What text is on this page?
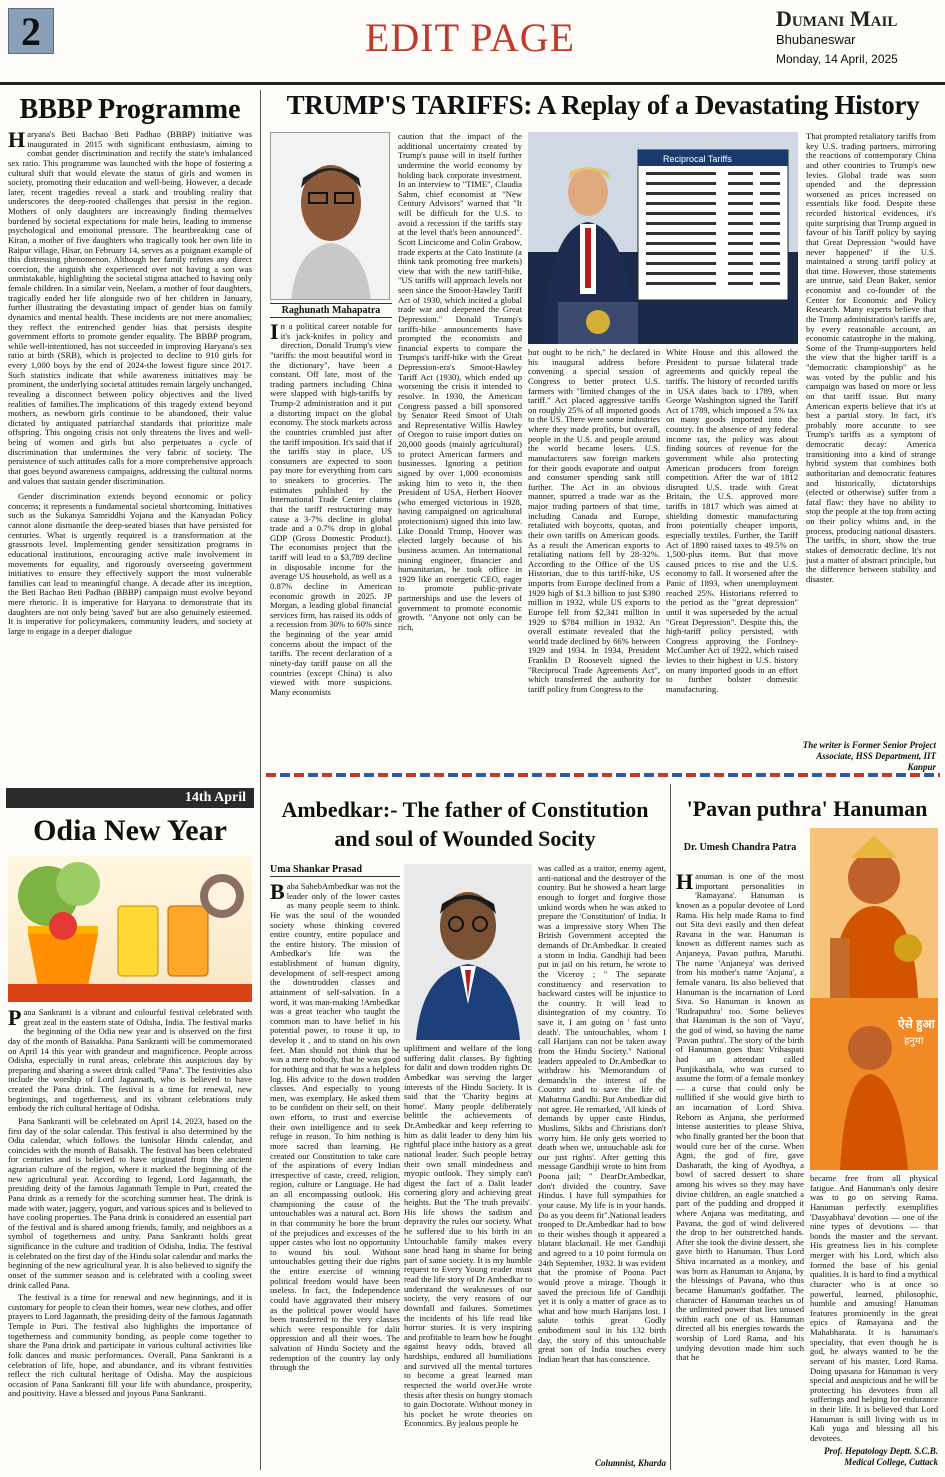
2	EDIT PAGE	Dumani Mail
Bhubaneswar
Monday, 14 April, 2025
BBBP Programme

Haryana's Beti Bachao Beti Padhao (BBBP) initiative was inaugurated in 2015 with significant enthusiasm, aiming to combat gender discrimination and rectify the state's imbalanced sex ratio. This programme was launched with the hope of fostering a cultural shift that would elevate the status of girls and women in society, promoting their education and well-being. However, a decade later, recent tragedies reveal a stark and troubling reality that underscores the deep-rooted challenges that persist in the region. Mothers of only daughters are increasingly finding themselves burdened by societal expectations for male heirs, leading to immense psychological and emotional pressure. The heartbreaking case of Kiran, a mother of five daughters who tragically took her own life in Raipur village, Hisar, on February 14, serves as a poignant example of this distressing phenomenon. Although her family refutes any direct coercion, the anguish she experienced over not having a son was unmistakable, highlighting the societal stigma attached to having only female children. In a similar vein, Neelam, a mother of four daughters, tragically ended her life alongside two of her children in January, further illustrating the devastating impact of gender bias on family dynamics and mental health. These incidents are not mere anomalies; they reflect the entrenched gender bias that persists despite government efforts to promote gender equality. The BBBP program, while well-intentioned, has not succeeded in improving Haryana's sex ratio at birth (SRB), which is projected to decline to 910 girls for every 1,000 boys by the end of 2024-the lowest figure since 2017. Such statistics indicate that while awareness initiatives may be prominent, the underlying societal attitudes remain largely unchanged, revealing a disconnect between policy objectives and the lived realities of families.The implications of this tragedy extend beyond mothers, as newborn girls continue to be abandoned, their value dictated by antiquated patriarchal standards that prioritize male offspring. This ongoing crisis not only threatens the lives and well-being of women and girls but also perpetuates a cycle of discrimination that undermines the very fabric of society. The persistence of such attitudes calls for a more comprehensive approach that goes beyond awareness campaigns, addressing the cultural norms and values that sustain gender discrimination.

Gender discrimination extends beyond economic or policy concerns; it represents a fundamental societal shortcoming. Initiatives such as the Sukanya Samriddhi Yojana and the Kanyadan Policy cannot alone dismantle the deep-seated biases that have persisted for centuries. What is urgently required is a transformation at the grassroots level. Implementing gender sensitization programs in educational institutions, encouraging active male involvement in movements for equality, and rigorously overseeing government initiatives to ensure they effectively support the most vulnerable families can lead to meaningful change. A decade after its inception, the Beti Bachao Beti Padhao (BBBP) campaign must evolve beyond mere rhetoric. It is imperative for Haryana to demonstrate that its daughters are not only being 'saved' but are also genuinely esteemed. It is imperative for policymakers, community leaders, and society at large to engage in a deeper dialogue

14th April
Odia New Year

Pana Sankranti is a vibrant and colourful festival celebrated with great zeal in the eastern state of Odisha, India. The festival marks the beginning of the Odia new year and is observed on the first day of the month of Baisakha. Pana Sankranti will be commemorated on April 14 this year with grandeur and magnificence. People across Odisha, especially in rural areas, celebrate this auspicious day by preparing and sharing a sweet drink called "Pana". The festivities also include the worship of Lord Jagannath, who is believed to have created the Pana drink. The festival is a time for renewal, new beginnings, and togetherness, and its vibrant celebrations truly embody the rich cultural heritage of Odisha.

Pana Sankranti will be celebrated on April 14, 2023, based on the first day of the solar calendar. This festival is also determined by the Odia calendar, which follows the lunisolar Hindu calendar, and coincides with the month of Baisakh. The festival has been celebrated for centuries and is believed to have originated from the ancient agrarian culture of the region, where it marked the beginning of the new agricultural year. According to legend, Lord Jagannath, the presiding deity of the famous Jagannath Temple in Puri, created the Pana drink as a remedy for the scorching summer heat. The drink is made with water, jaggery, yogurt, and various spices and is believed to have cooling properties. The Pana drink is considered an essential part of the festival and is shared among friends, family, and neighbors as a symbol of togetherness and unity. Pana Sankranti holds great significance in the culture and tradition of Odisha, India. The festival is celebrated on the first day of the Hindu solar calendar and marks the beginning of the new agricultural year. It is also believed to signify the onset of the summer season and is celebrated with a cooling sweet drink called Pana.

The festival is a time for renewal and new beginnings, and it is customary for people to clean their homes, wear new clothes, and offer prayers to Lord Jagannath, the presiding deity of the famous Jagannath Temple in Puri. The festival also highlights the importance of togetherness and community bonding, as people come together to share the Pana drink and participate in various cultural activities like folk dances and music performances. Overall, Pana Sankranti is a celebration of life, hope, and abundance, and its vibrant festivities reflect the rich cultural heritage of Odisha. May the auspicious occasion of Pana Sankranti fill your life with abundance, prosperity, and positivity. Have a blessed and joyous Pana Sankranti.

TRUMP'S TARIFFS: A Replay of a Devastating History
Raghunath Mahapatra

In a political career notable for it's jack-knifes in policy and direction, Donald Trump's view "tariffs: the most beautiful word in the dictionary", have been a constant. Off late, most of the trading partners including China were slapped with high-tariffs by Trump-2 administration and it put a distorting impact on the global economy. The stock markets across the countries crumbled just after the tariff imposition. It's said that if the tariffs stay in place, US consumers are expected to soon pay more for everything from cars to sneakers to groceries. The estimates published by the International Trade Center claims that the tariff restructuring may cause a 3-7% decline in global trade and a 0.7% drop in global GDP (Gross Domestic Product). The economists project that the tariff will lead to a $3,789 decline in disposable income for the average US household, as well as a 0.87% decline in American economic growth in 2025. JP Morgan, a leading global financial services firm, has raised its odds of a recession from 30% to 60% since the beginning of the year amid concerns about the impact of the tariffs. The recent declaration of a ninety-day tariff pause on all the countries (except China) is also viewed with more suspicions. Many economists

caution that the impact of the additional uncertainty created by Trump's pause will in itself further undermine the world economy by holding back corporate investment. In an interview to "TIME", Claudia Sahm, chief economist at "New Century Advisors" warned that "It will be difficult for the U.S. to avoid a recession if the tariffs stay at the level that's been announced". Scott Lincicome and Colin Grabow, trade experts at the Cato Institute (a think tank promoting free markets) view that with the new tariff-hike, "US tariffs will approach levels not seen since the Smoot-Hawley Tariff Act of 1930, which incited a global trade war and deepened the Great Depression." Donald Trump's tariffs-hike announcements have prompted the economists and financial experts to compare the Trumps's tariff-hike with the Great Depression-era's Smoot-Hawley Tariff Act (1930), which ended up worsening the crisis it intended to resolve. In 1930, the American Congress passed a bill sponsored by Senator Reed Smoot of Utah and Representative Willis Hawley of Oregon to raise import duties on 20,000 goods (mainly agricultural) to protect American farmers and businesses. Ignoring a petition signed by over 1,000 economists asking him to veto it, the then President of USA, Herbert Hoover (who emerged victorious in 1928, having campaigned on agricultural protectionism) signed this into law. Like Donald Trump, Hoover was elected largely because of his business acumen. An international mining engineer, financier and humanitarian, he took office in 1929 like an energetic CEO, eager to promote public-private partnerships and use the levers of government to promote economic growth. "Anyone not only can be rich,

Reciprocal Tariffs

but ought to be rich," he declared in his inaugural address before convening a special session of Congress to better protect U.S. farmers with "limited changes of the tariff." Act placed aggressive tariffs on roughly 25% of all imported goods to the US. There were some industries where they made profits, but overall, people in the U.S. and people around the world became losers. U.S. manufacturers saw foreign markets for their goods evaporate and output and consumer spending sank still further. The Act in an obvious manner, spurred a trade war as the major trading partners of that time, including Canada and Europe, retaliated with boycotts, quotas, and their own tariffs on American goods. As a result the American exports to retaliating nations fell by 28-32%. According to the Office of the US Historian, due to this tariff-hike, US imports from Europe declined from a 1929 high of $1.3 billion to just $390 million in 1932, while US exports to Europe fell from $2,341 million in 1929 to $784 million in 1932. An overall estimate revealed that the world trade declined by 66% between 1929 and 1934. In 1934, President Franklin D Roosevelt signed the "Reciprocal Trade Agreements Act", which transferred the authority for tariff policy from Congress to the

White House and this allowed the President to pursue bilateral trade agreements and quickly repeal the tariffs. The history of recorded tariffs in USA dates back to 1789, when George Washington signed the Tariff Act of 1789, which imposed a 5% tax on many goods imported into the country. In the absence of any federal income tax, the policy was about finding sources of revenue for the government while also protecting American producers from foreign competition. After the war of 1812 disrupted U.S. trade with Great Britain, the U.S. approved more tariffs in 1817 which was aimed at shielding domestic manufacturing from potentially cheaper imports, especially textiles. Further, the Tariff Act of 1890 raised taxes to 49.5% on 1,500-plus items. But that move caused prices to rise and the U.S. economy to fall. It worsened after the Panic of 1893, when unemployment reached 25%. Historians referred to the period as the "great depression" until it was superseded by the actual "Great Depression". Despite this, the high-tariff policy persisted, with Congress approving the Fordney-McCumber Act of 1922, which raised levies to their highest in U.S. history on many imported goods in an effort to further bolster domestic manufacturing.

That prompted retaliatory tariffs from key U.S. trading partners, mirroring the reactions of contemporary China and other countries to Trump's new levies. Global trade was soon upended and the depression worsened as prices increased on essentials like food. Despite these recorded historical evidences, it's quite surprising that Trump argued in favour of his Tariff policy by saying that Great Depression "would have never happened" if the U.S. maintained a strong tariff policy at that time. However, those statements are untrue, said Dean Baker, senior economist and co-founder of the Center for Economic and Policy Research. Many experts believe that the Trump administration's tariffs are, by every reasonable account, an economic catastrophe in the making. Some of the Trump-supporters held the view that the higher tariff is a "democratic championship" as he was voted by the public and his campaign was based on more or less on that tariff issue. But many American experts believe that it's at best a partial story. In fact, it's probably more accurate to see Trump's tariffs as a symptom of democratic decay: America transitioning into a kind of strange hybrid system that combines both authoritarian and democratic features and historically, dictatorships (elected or otherwise) suffer from a fatal flaw: they have no ability to stop the people at the top from acting on their policy whims and, in the process, producing national disasters. The tariffs, in short, show the true stakes of democratic decline. It's not just a matter of abstract principle, but the difference between stability and disaster.

The writer is Former Senior Project Associate, HSS Department, IIT Kanpur
Ambedkar:- The father of Constitution
and soul of Wounded Socity
Uma Shankar Prasad

Baba SahebAmbedkar was not the leader only of the lower castes as many people seem to think. He was the soul of the wounded society whose thinking covered entire country, entire populace and the entire history. The mission of Ambedkar's life was the establishment of human dignity, development of self-respect among the downtrodden classes and attainment of self-salvation. In a word, it was man-making !Ambedkar was a great teacher who taught the common man to have belief in his potential power, to rouse it up, to develop it , and to stand on his own feet. Man should not think that he was a mere nobody, that he was good for nothing and that he was a helpless log. His advice to the down trodden classes. And especially to young men, was exemplary. He asked them to be confident on their self, on their own efforts, to trust and exercise their own intelligence and to seek refuge in reason. To him nothing is more sacred than learning. He created our Constitution to take care of the aspirations of every Indian irrespective of caste, creed, religion, region, culture or Language. He had an all encompassing outlook. His championing the cause of the untouchables was a natural act. Born in that community he bore the brunt of the prejudices and excesses of the upper castes who lost no opportunity to wound his soul. Without untouchables getting their due rights the entire exercise of winning political freedom would have been useless. In fact, the Independence could have aggravated their misery as the political power would have been transferred to the very classes which were responsible for dalit oppression and all their woes. The salvation of Hindu Society and the redemption of the country lay only through the

upliftment and welfare of the long suffering dalit classes. By fighting for dalit and down trodden rights Dr. Ambedkar was serving the larger interests of the Hindu Society. It is said that the 'Charity begins at home'. Many people deliberately belittle the achievements of Dr.Ambedkar and keep referring to him as dalit leader to deny him his rightful place inthe history as a great national leader. Such people betray their own small mindedness and myopic outlook. They simply can't digest the fact of a Dalit leader cornering glory and achieving great heights. But the 'The truth prevails'. His life shows the sadism and depravity the rules our society. What he suffered due to his birth in an Untouchable family makes every sane head hang in shame for being part of same society. It is my humble request to Every Young reader must read the life story of Dr Ambedkar to understand the weaknesses of our society, the very reasons of our downfall and failures. Sometimes the incidents of his life read like horror stories. It is very inspiring and profitable to learn how he fought against heavy odds, braved all hardships, endured all humiliations and survived all the mental tortures to become a great learned man respected the world over.He wrote thesis after thesis on hungry stomach to gain Doctorate. Without money in his pocket he wrote theories on Economics. By jealous people he

was called as a traitor, enemy agent, anti-national and the destroyer of the country. But he showed a heart large enough to forget and forgive those unkind words when he was asked to prepare the 'Constitution' of India. It was a impressive story When The British Government accepted the demands of Dr.Ambedkar. It created a storm in India. Gandhiji had been put in jail on his return, he wrote to the Viceroy ; " The separate constituency and reservation to backward castes will be injustice to the country. It will lead to disintegration of my country. To save it, I am going on ' fast unto death'. The untouchables, whom I call Harijans can not be taken away from the Hindu Society." National leaders appealed to Dr.Ambedkar to withdraw his 'Memorandum of demands'in the interest of the Country and to save the life of Mahatma Gandhi. But Ambedkar did not agree. He remarked, 'All kinds of demands by upper caste Hindus, Muslims, Sikhs and Christians don't worry him. He only gets worried to death when we, untouchable ask for our just rights'. After getting this message Gandhiji wrote to him from Poona jail; " DearDr.Ambedkar, don't divided the country. Save Hindus. I have full sympathies for your cause. My life is in your hands. Do as you deem fit".National leaders trooped to Dr.Ambedkar had to bow to their wishes though it appeared a blatant blackmail. He met Gandhiji and agreed to a 10 point formula on 24th September, 1932. It was evident that the promise of Poona Pact would prove a mirage. Though it saved the precious life of Gandhiji yet it is only a matter of grace as to what and how much Harijans lost. I salute tothis great Godly embodiment soul in his 132 birth day, the story of this untouchable great son of India touches every Indian heart that has conscience.

Columnist, Kharda
'Pavan puthra' Hanuman
Dr. Umesh Chandra Patra

Hanuman is one of the most important personalities in 'Ramayana'. Hanuman is known as a popular devotee of Lord Rama. His help made Rama to find out Sita devi easily and then defeat Ravana in the war. Hanuman is known as different names such as Anjaneya, Pavan puthra, Maruthi. The name 'Anjaneya' was derived from his mother's name 'Anjana', a female vanara. Its also believed that Hanuman is the incarnation of Lord Siva. So Hanuman is known as 'Rudraputhra' too. Some believes that Hanuman is the son of 'Vayu', the god of wind, so having the name 'Pavan puthra'. The story of the birth of Hanuman goes thus: Vrihaspati had an attendant called Punjikasthala, who was cursed to assume the form of a female monkey — a curse that could only be nullified if she would give birth to an incarnation of Lord Shiva. Reborn as Anjana, she performed intense austerities to please Shiva, who finally granted her the boon that would cure her of the curse. When Agni, the god of fire, gave Dasharath, the king of Ayodhya, a bowl of sacred dessert to share among his wives so they may have divine children, an eagle snatched a part of the pudding and dropped it where Anjana was meditating, and Pavana, the god of wind delivered the drop to her outstretched hands. After she took the divine dessert, she gave birth to Hanuman. Thus Lord Shiva incarnated as a monkey, and was born as Hanuman to Anjana, by the blessings of Pavana, who thus became Hanuman's godfather. The character of Hanuman teaches us of the unlimited power that lies unused within each one of us. Hanuman directed all his energies towards the worship of Lord Rama, and his undying devotion made him such that he

ऐसे हुआ
हनुमा

became free from all physical fatigue. And Hanuman's only desire was to go on serving Rama. Hanuman perfectly exemplifies 'Dasyabhava' devotion — one of the nine types of devotions — that bonds the master and the servant. His greatness lies in his complete merger with his Lord, which also formed the base of his genial qualities. It is hard to find a mythical character who is at once so powerful, learned, philosophic, humble and amusing! Hanuman features prominently in the great epics of Ramayana and the Mahabharata. It is hanuman's speciality, that even though he is god, he always wanted to be the servant of his master, Lord Rama. Doing upasana for Hanuman is very special and auspicious and he will be protecting his devotees from all sufferings and helping for endurance in their life. It is believed that Lord Hanuman is still living with us in Kali yuga and blessing all his devotees.

Prof. Hepatology Deptt. S.C.B. Medical College, Cuttack
